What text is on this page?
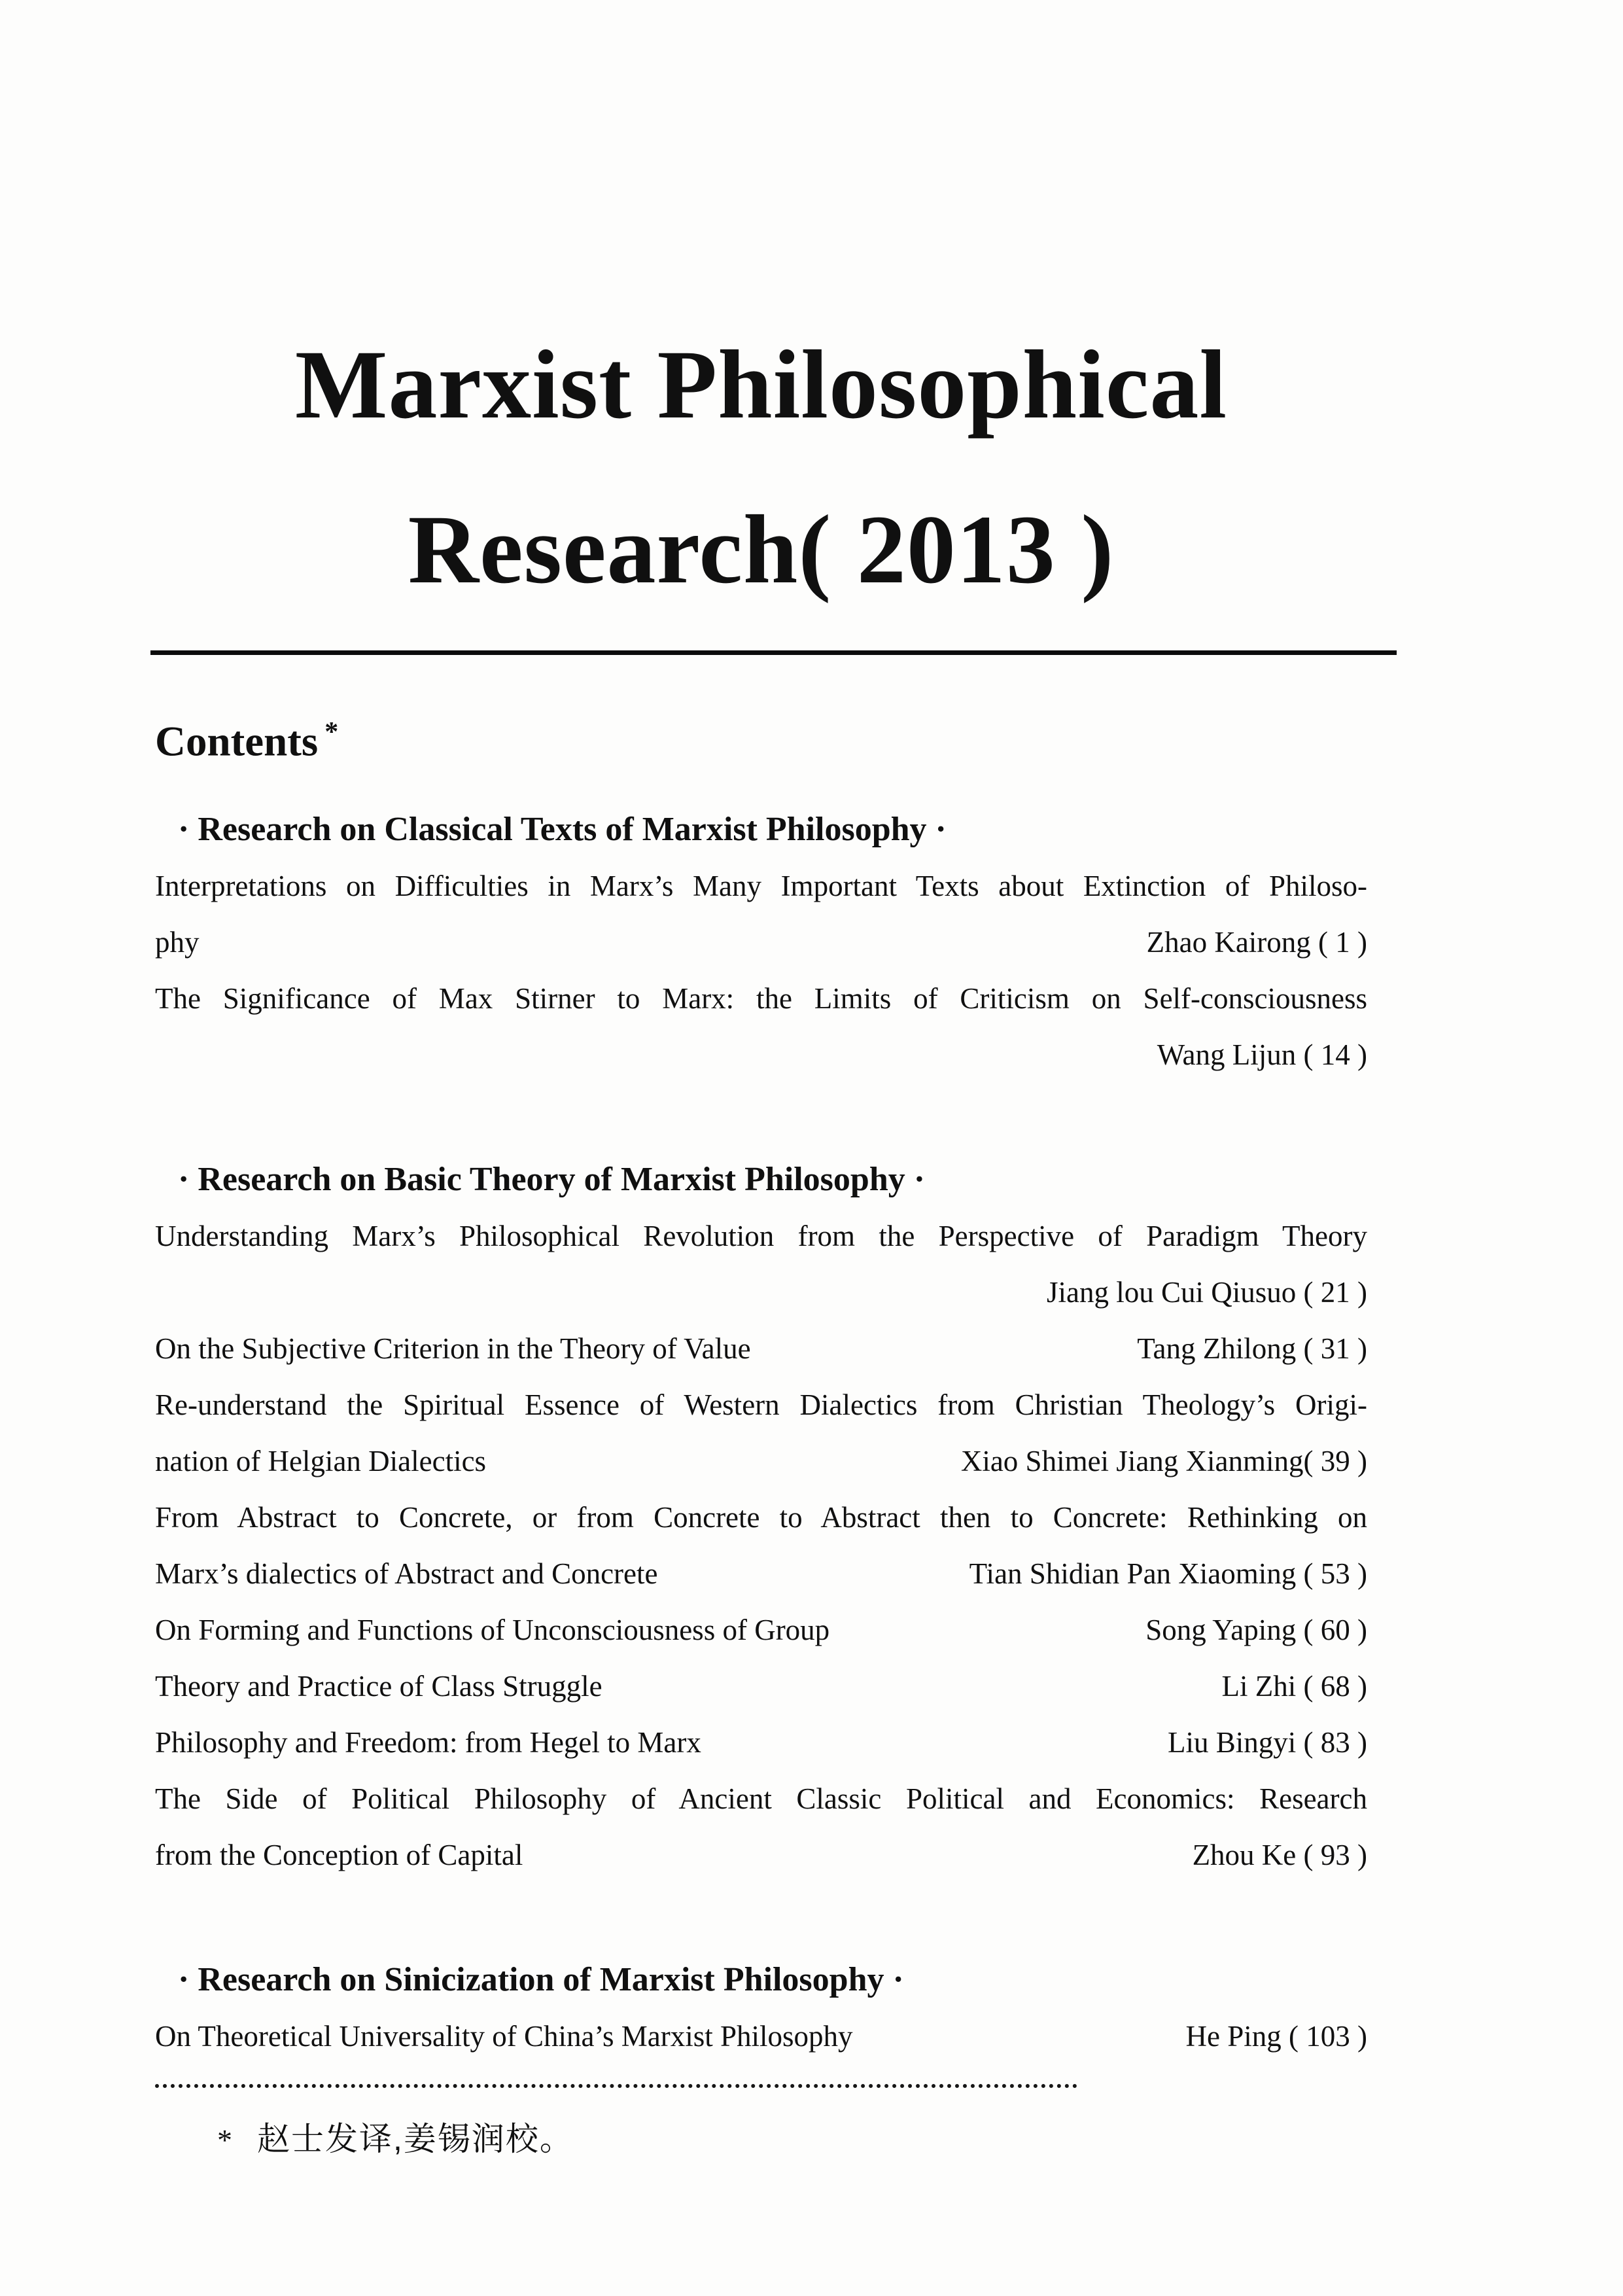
Marxist Philosophical
Research( 2013 )
Contents *
· Research on Classical Texts of Marxist Philosophy ·
Interpretations on Difficulties in Marx’s Many Important Texts about Extinction of Philoso-
phy	Zhao Kairong ( 1 )
The Significance of Max Stirner to Marx: the Limits of Criticism on Self-consciousness
Wang Lijun ( 14 )
· Research on Basic Theory of Marxist Philosophy ·
Understanding Marx’s Philosophical Revolution from the Perspective of Paradigm Theory
Jiang lou Cui Qiusuo ( 21 )
On the Subjective Criterion in the Theory of Value	Tang Zhilong ( 31 )
Re-understand the Spiritual Essence of Western Dialectics from Christian Theology’s Origi-
nation of Helgian Dialectics	Xiao Shimei Jiang Xianming( 39 )
From Abstract to Concrete, or from Concrete to Abstract then to Concrete: Rethinking on
Marx’s dialectics of Abstract and Concrete	Tian Shidian Pan Xiaoming ( 53 )
On Forming and Functions of Unconsciousness of Group	Song Yaping ( 60 )
Theory and Practice of Class Struggle	Li Zhi ( 68 )
Philosophy and Freedom: from Hegel to Marx	Liu Bingyi ( 83 )
The Side of Political Philosophy of Ancient Classic Political and Economics: Research
from the Conception of Capital	Zhou Ke ( 93 )
· Research on Sinicization of Marxist Philosophy ·
On Theoretical Universality of China’s Marxist Philosophy	He Ping ( 103 )
* 赵士发译,姜锡润校。
